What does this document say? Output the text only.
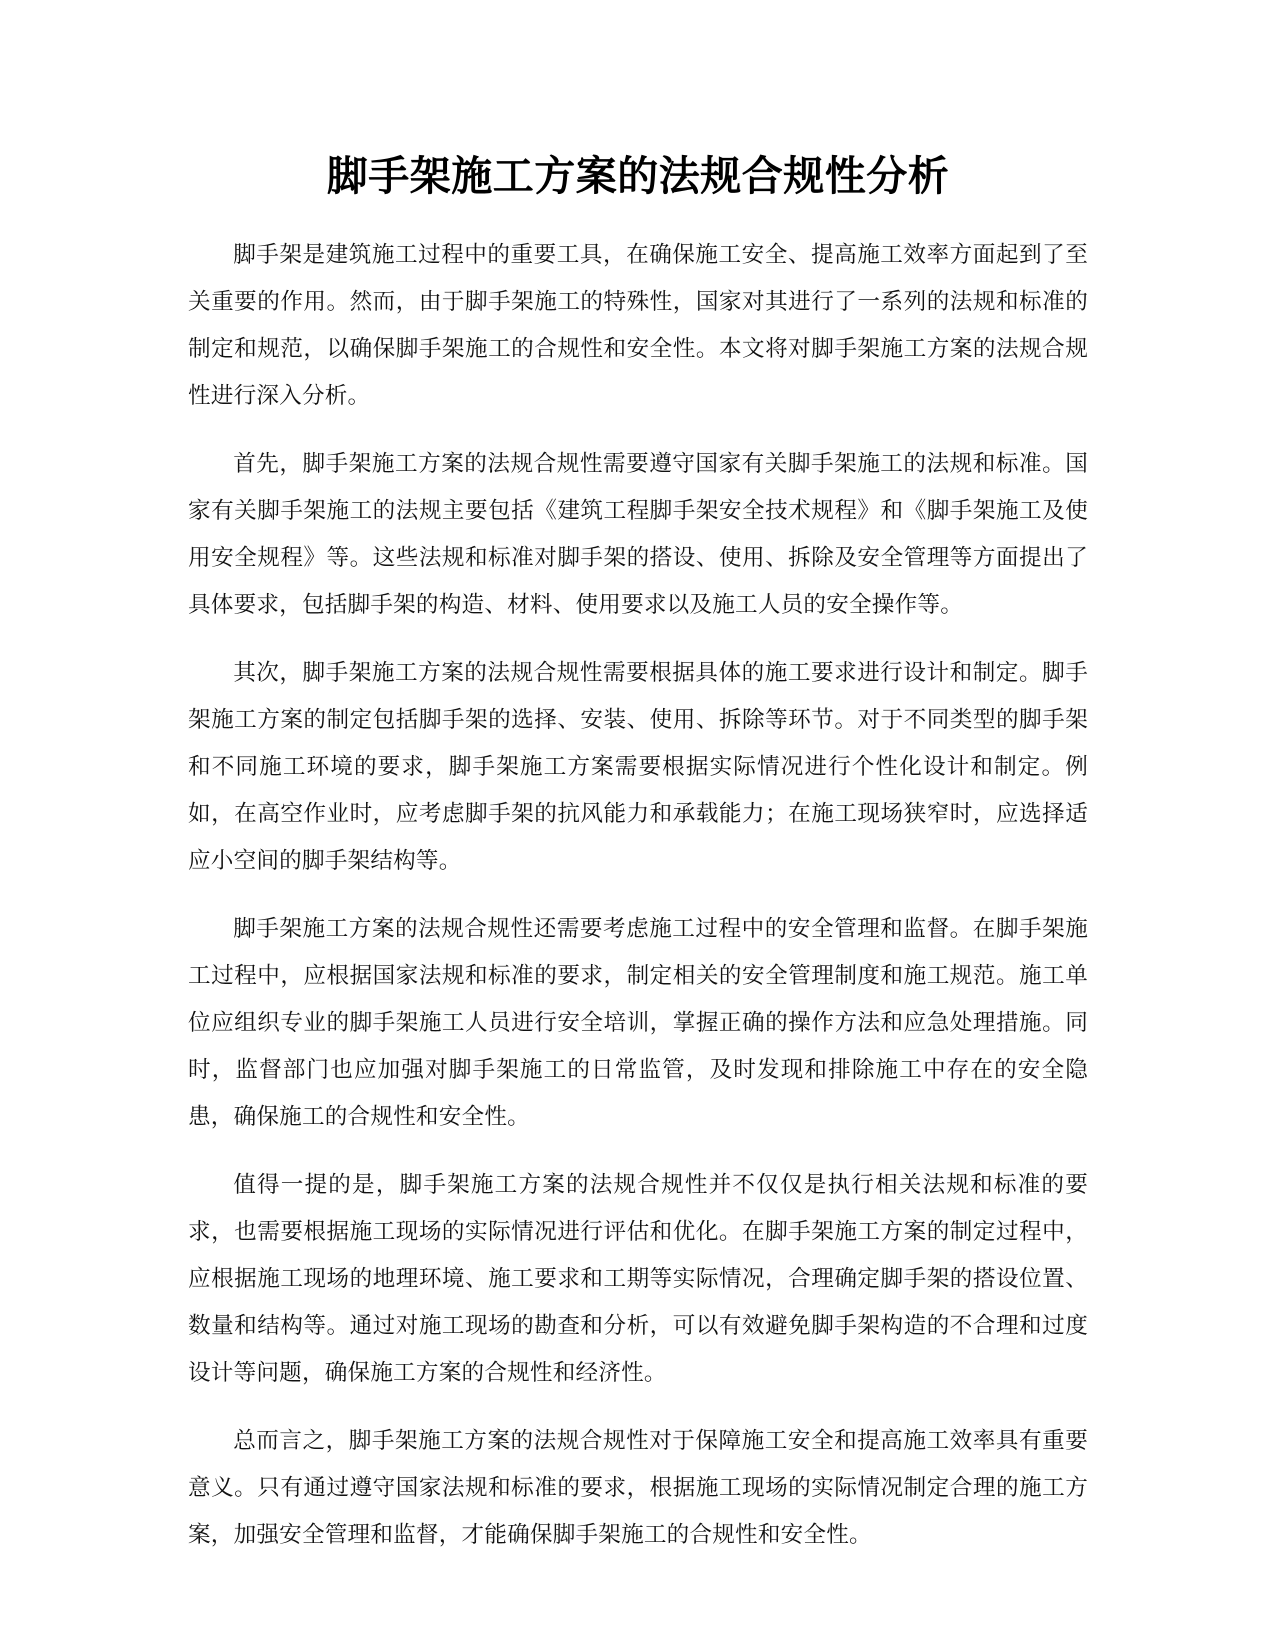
脚手架施工方案的法规合规性分析

脚手架是建筑施工过程中的重要工具，在确保施工安全、提高施工效率方面起到了至关重要的作用。然而，由于脚手架施工的特殊性，国家对其进行了一系列的法规和标准的制定和规范，以确保脚手架施工的合规性和安全性。本文将对脚手架施工方案的法规合规性进行深入分析。

首先，脚手架施工方案的法规合规性需要遵守国家有关脚手架施工的法规和标准。国家有关脚手架施工的法规主要包括《建筑工程脚手架安全技术规程》和《脚手架施工及使用安全规程》等。这些法规和标准对脚手架的搭设、使用、拆除及安全管理等方面提出了具体要求，包括脚手架的构造、材料、使用要求以及施工人员的安全操作等。

其次，脚手架施工方案的法规合规性需要根据具体的施工要求进行设计和制定。脚手架施工方案的制定包括脚手架的选择、安装、使用、拆除等环节。对于不同类型的脚手架和不同施工环境的要求，脚手架施工方案需要根据实际情况进行个性化设计和制定。例如，在高空作业时，应考虑脚手架的抗风能力和承载能力；在施工现场狭窄时，应选择适应小空间的脚手架结构等。

脚手架施工方案的法规合规性还需要考虑施工过程中的安全管理和监督。在脚手架施工过程中，应根据国家法规和标准的要求，制定相关的安全管理制度和施工规范。施工单位应组织专业的脚手架施工人员进行安全培训，掌握正确的操作方法和应急处理措施。同时，监督部门也应加强对脚手架施工的日常监管，及时发现和排除施工中存在的安全隐患，确保施工的合规性和安全性。

值得一提的是，脚手架施工方案的法规合规性并不仅仅是执行相关法规和标准的要求，也需要根据施工现场的实际情况进行评估和优化。在脚手架施工方案的制定过程中，应根据施工现场的地理环境、施工要求和工期等实际情况，合理确定脚手架的搭设位置、数量和结构等。通过对施工现场的勘查和分析，可以有效避免脚手架构造的不合理和过度设计等问题，确保施工方案的合规性和经济性。

总而言之，脚手架施工方案的法规合规性对于保障施工安全和提高施工效率具有重要意义。只有通过遵守国家法规和标准的要求，根据施工现场的实际情况制定合理的施工方案，加强安全管理和监督，才能确保脚手架施工的合规性和安全性。
